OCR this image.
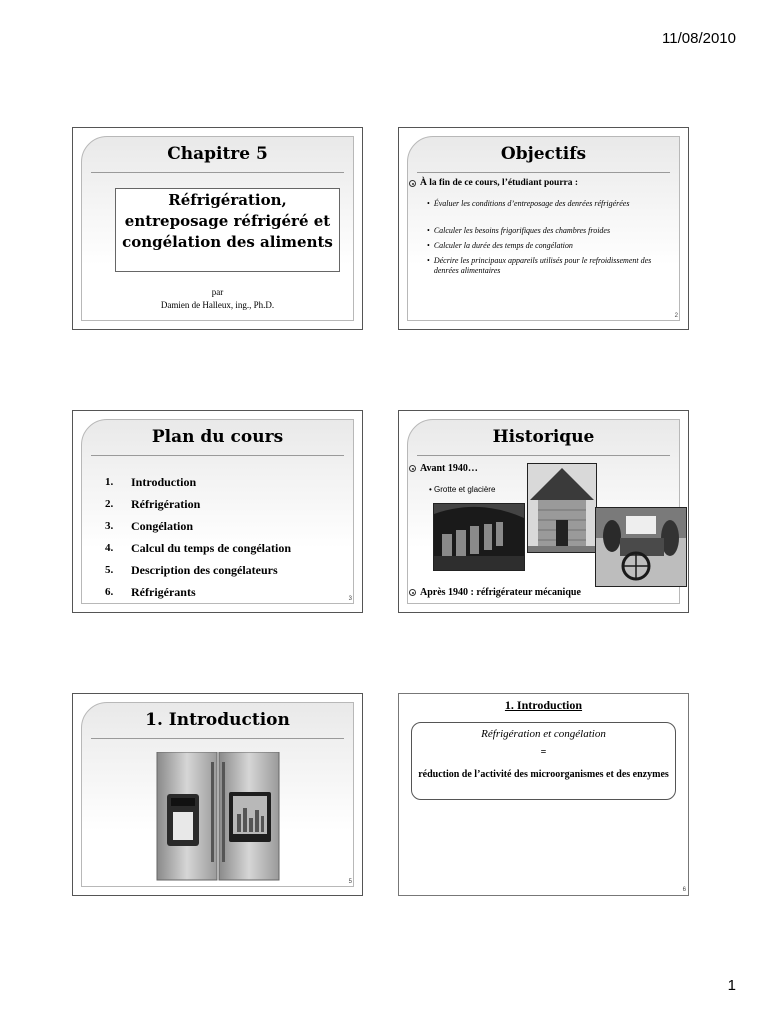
11/08/2010
Chapitre 5
Réfrigération,
entreposage réfrigéré et
congélation des aliments
par
Damien de Halleux, ing., Ph.D.
Objectifs
À la fin de ce cours, l’étudiant pourra :
• Évaluer les conditions d’entreposage des denrées réfrigérées
• Calculer les besoins frigorifiques des chambres froides
• Calculer la durée des temps de congélation
• Décrire les principaux appareils utilisés pour le refroidissement des denrées alimentaires
2
Plan du cours
1.	Introduction
2.	Réfrigération
3.	Congélation
4.	Calcul du temps de congélation
5.	Description des congélateurs
6.	Réfrigérants
3
Historique
Avant 1940…
• Grotte et glacière
Après 1940 : réfrigérateur mécanique
1. Introduction
5
1. Introduction
Réfrigération et congélation
=
réduction de l’activité des microorganismes et des enzymes
6
1
